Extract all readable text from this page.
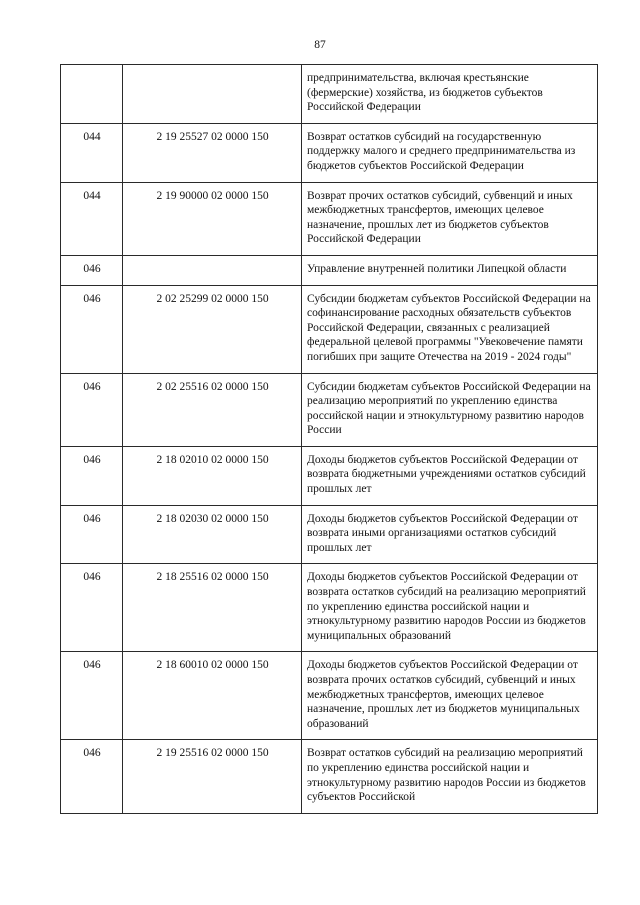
87
		предпринимательства, включая крестьянские (фермерские) хозяйства, из бюджетов субъектов Российской Федерации
044	2 19 25527 02 0000 150	Возврат остатков субсидий на государственную поддержку малого и среднего предпринимательства из бюджетов субъектов Российской Федерации
044	2 19 90000 02 0000 150	Возврат прочих остатков субсидий, субвенций и иных межбюджетных трансфертов, имеющих целевое назначение, прошлых лет из бюджетов субъектов Российской Федерации
046		Управление внутренней политики Липецкой области
046	2 02 25299 02 0000 150	Субсидии бюджетам субъектов Российской Федерации на софинансирование расходных обязательств субъектов Российской Федерации, связанных с реализацией федеральной целевой программы "Увековечение памяти погибших при защите Отечества на 2019 - 2024 годы"
046	2 02 25516 02 0000 150	Субсидии бюджетам субъектов Российской Федерации на реализацию мероприятий по укреплению единства российской нации и этнокультурному развитию народов России
046	2 18 02010 02 0000 150	Доходы бюджетов субъектов Российской Федерации от возврата бюджетными учреждениями остатков субсидий прошлых лет
046	2 18 02030 02 0000 150	Доходы бюджетов субъектов Российской Федерации от возврата иными организациями остатков субсидий прошлых лет
046	2 18 25516 02 0000 150	Доходы бюджетов субъектов Российской Федерации от возврата остатков субсидий на реализацию мероприятий по укреплению единства российской нации и этнокультурному развитию народов России из бюджетов муниципальных образований
046	2 18 60010 02 0000 150	Доходы бюджетов субъектов Российской Федерации от возврата прочих остатков субсидий, субвенций и иных межбюджетных трансфертов, имеющих целевое назначение, прошлых лет из бюджетов муниципальных образований
046	2 19 25516 02 0000 150	Возврат остатков субсидий на реализацию мероприятий по укреплению единства российской нации и этнокультурному развитию народов России из бюджетов субъектов Российской
